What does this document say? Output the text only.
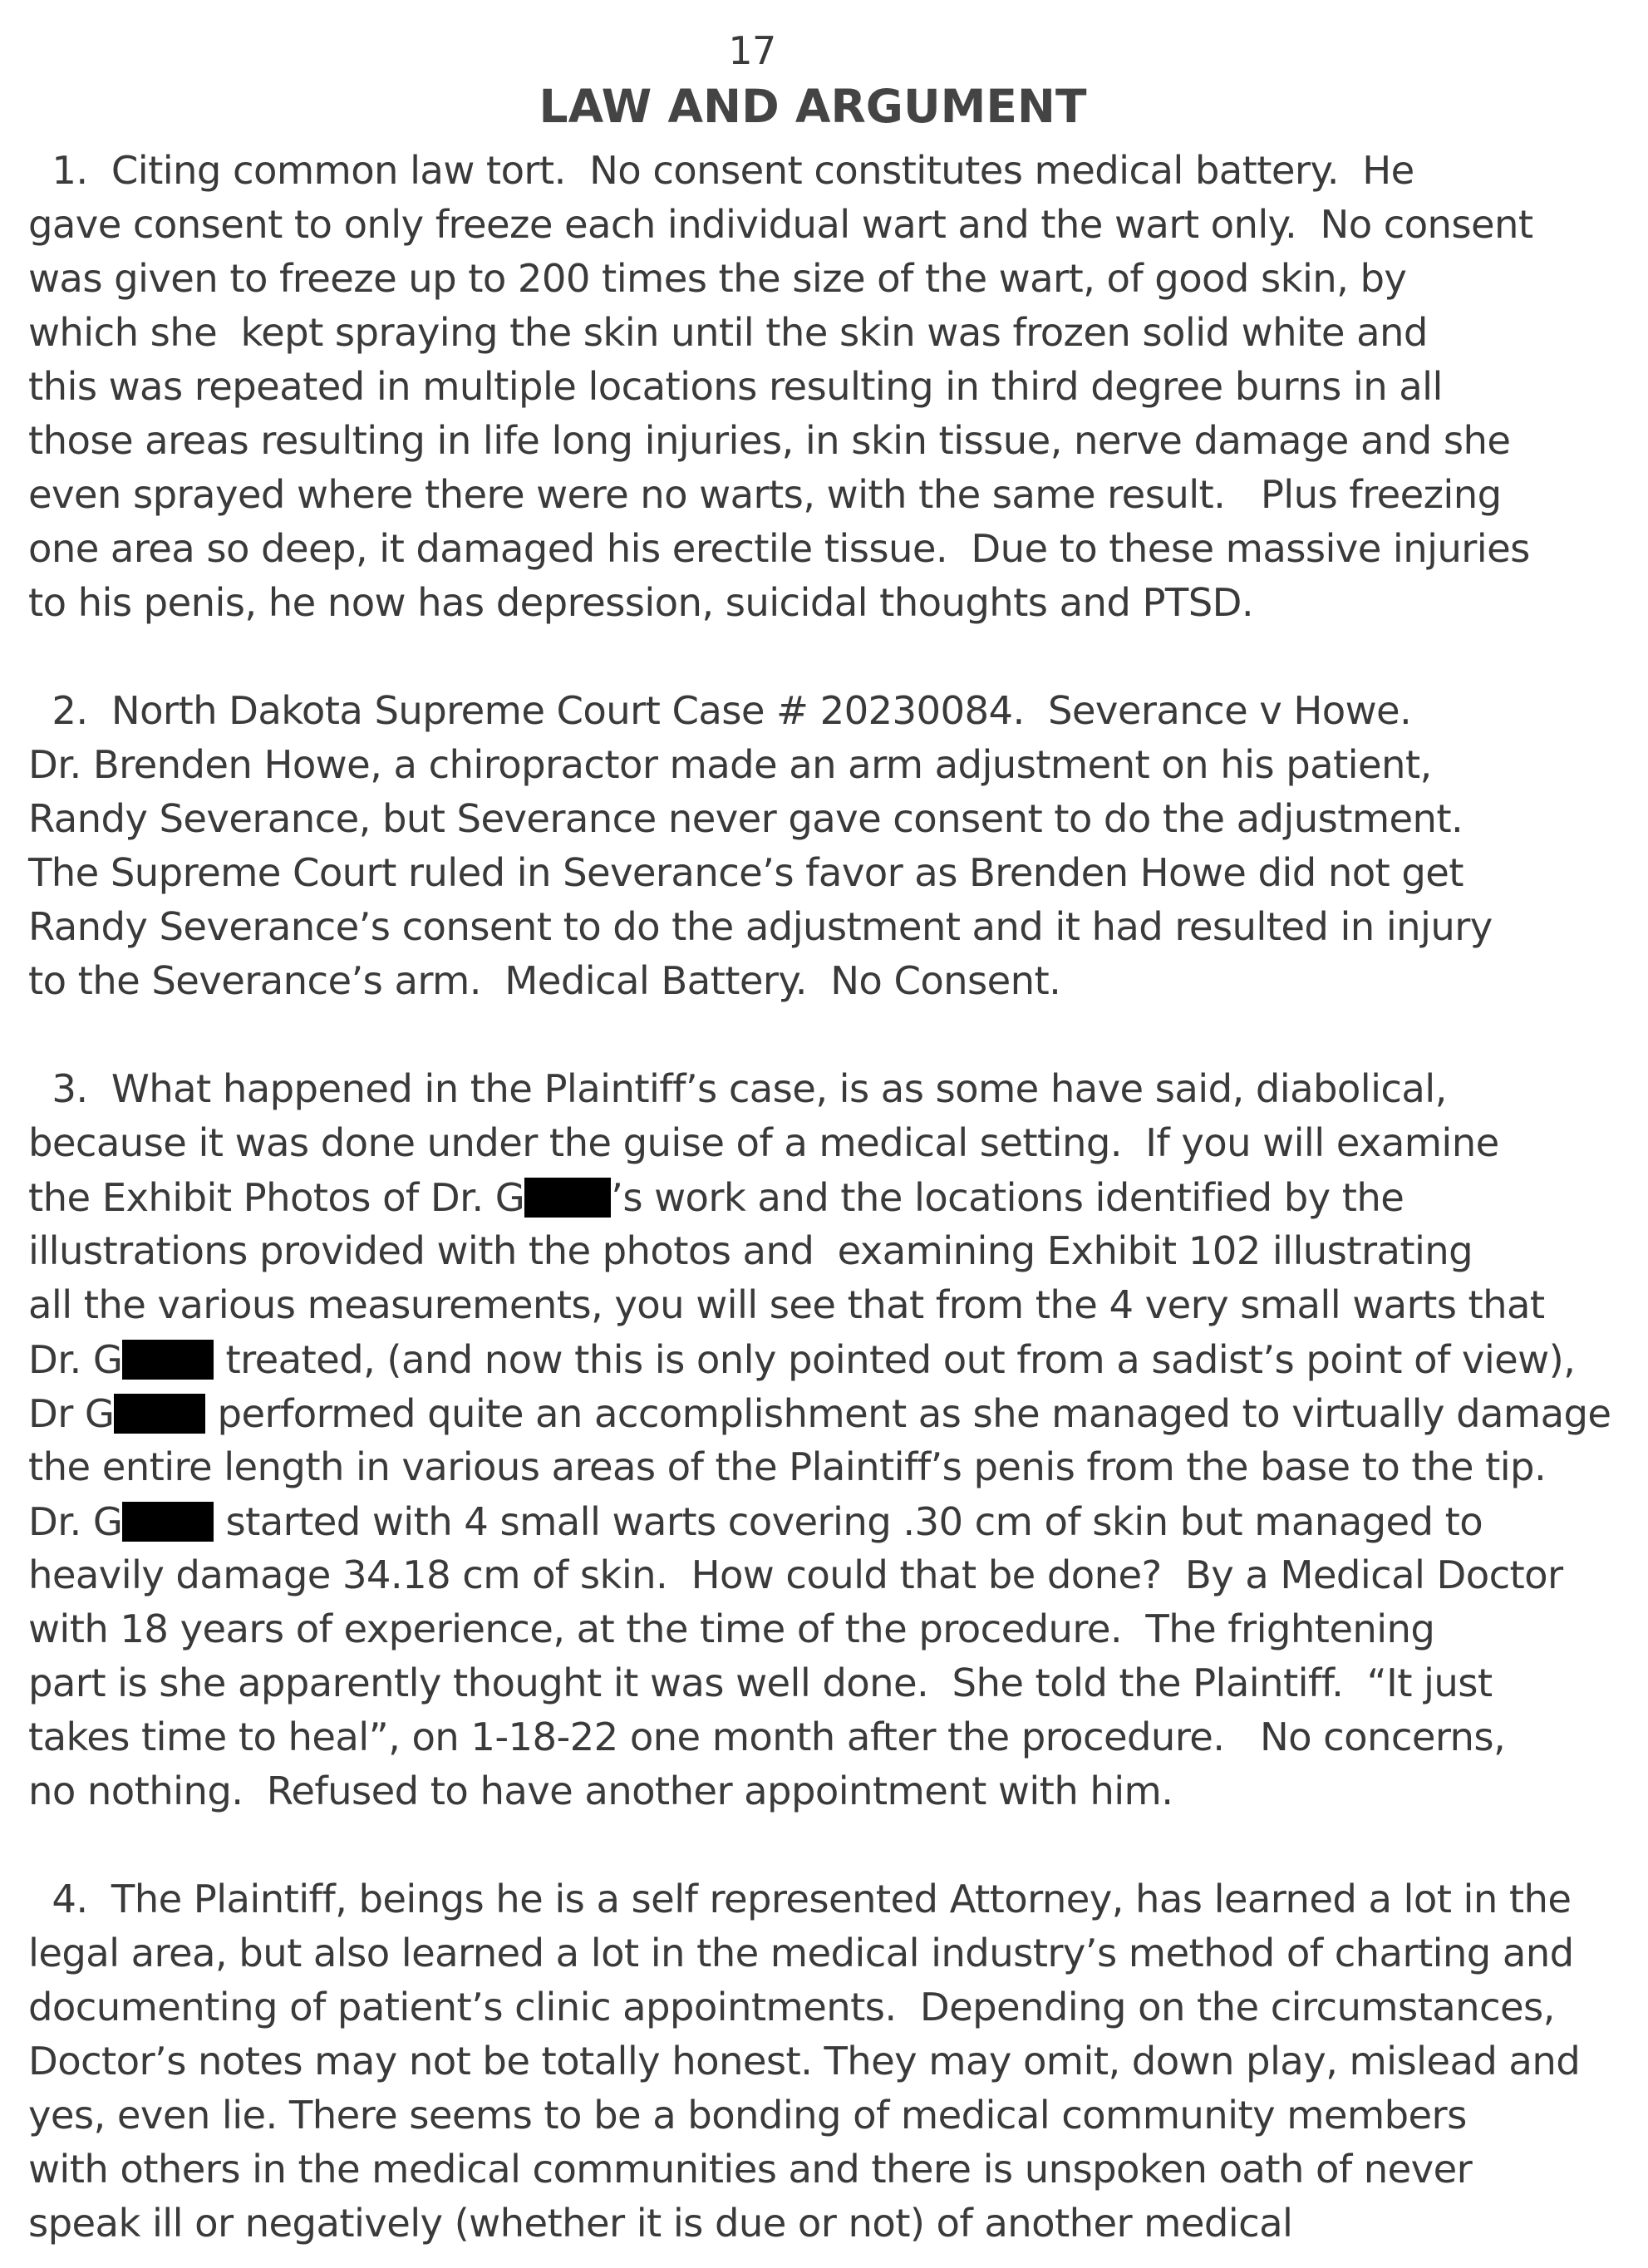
17
LAW AND ARGUMENT
1.  Citing common law tort.  No consent constitutes medical battery.  He
gave consent to only freeze each individual wart and the wart only.  No consent
was given to freeze up to 200 times the size of the wart, of good skin, by
which she  kept spraying the skin until the skin was frozen solid white and
this was repeated in multiple locations resulting in third degree burns in all
those areas resulting in life long injuries, in skin tissue, nerve damage and she
even sprayed where there were no warts, with the same result.   Plus freezing
one area so deep, it damaged his erectile tissue.  Due to these massive injuries
to his penis, he now has depression, suicidal thoughts and PTSD.
2.  North Dakota Supreme Court Case # 20230084.  Severance v Howe.
Dr. Brenden Howe, a chiropractor made an arm adjustment on his patient,
Randy Severance, but Severance never gave consent to do the adjustment.
The Supreme Court ruled in Severance’s favor as Brenden Howe did not get
Randy Severance’s consent to do the adjustment and it had resulted in injury
to the Severance’s arm.  Medical Battery.  No Consent.
3.  What happened in the Plaintiff’s case, is as some have said, diabolical,
because it was done under the guise of a medical setting.  If you will examine
the Exhibit Photos of Dr. G ’s work and the locations identified by the
illustrations provided with the photos and  examining Exhibit 102 illustrating
all the various measurements, you will see that from the 4 very small warts that
Dr. G treated, (and now this is only pointed out from a sadist’s point of view),
Dr G performed quite an accomplishment as she managed to virtually damage
the entire length in various areas of the Plaintiff’s penis from the base to the tip.
Dr. G started with 4 small warts covering .30 cm of skin but managed to
heavily damage 34.18 cm of skin.  How could that be done?  By a Medical Doctor
with 18 years of experience, at the time of the procedure.  The frightening
part is she apparently thought it was well done.  She told the Plaintiff.  “It just
takes time to heal”, on 1-18-22 one month after the procedure.   No concerns,
no nothing.  Refused to have another appointment with him.
4.  The Plaintiff, beings he is a self represented Attorney, has learned a lot in the
legal area, but also learned a lot in the medical industry’s method of charting and
documenting of patient’s clinic appointments.  Depending on the circumstances,
Doctor’s notes may not be totally honest. They may omit, down play, mislead and
yes, even lie. There seems to be a bonding of medical community members
with others in the medical communities and there is unspoken oath of never
speak ill or negatively (whether it is due or not) of another medical
